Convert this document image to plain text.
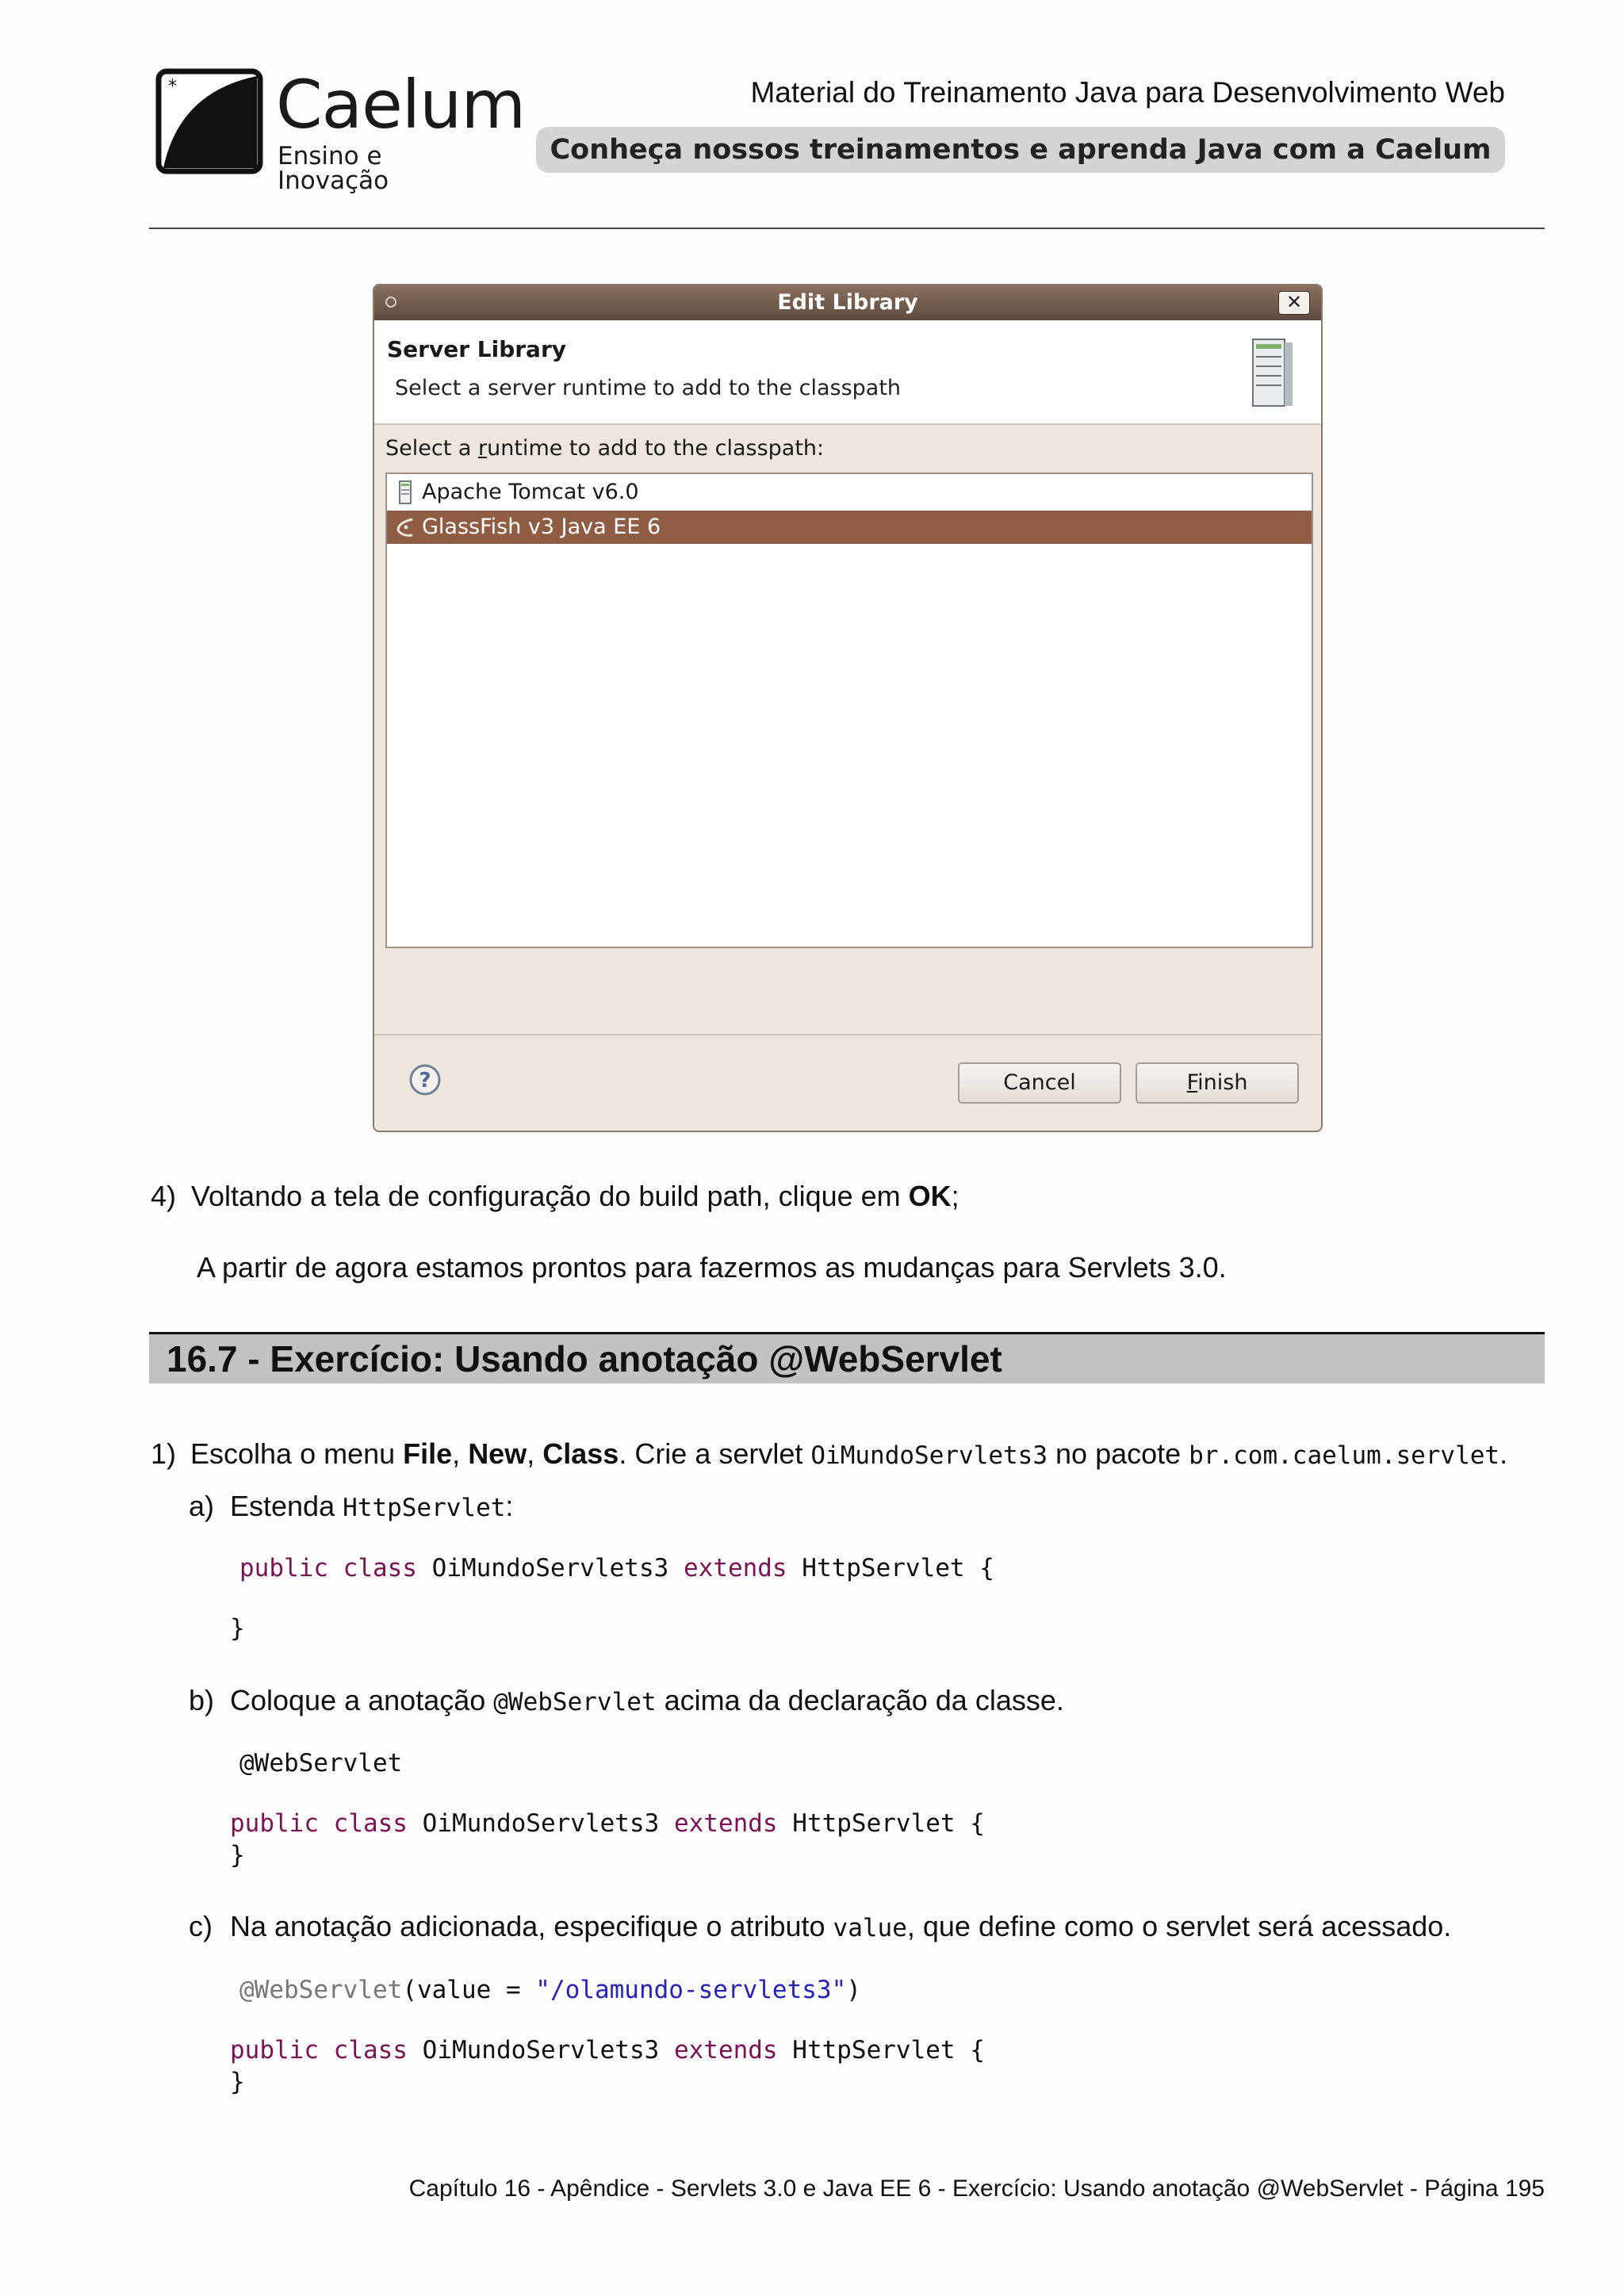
* Caelum
Ensino e Inovação
Material do Treinamento Java para Desenvolvimento Web
Conheça nossos treinamentos e aprenda Java com a Caelum
Edit Library	✕
Server Library
Select a server runtime to add to the classpath
Select a runtime to add to the classpath:
Apache Tomcat v6.0
GlassFish v3 Java EE 6
?	Cancel	Finish
4) Voltando a tela de configuração do build path, clique em OK;
A partir de agora estamos prontos para fazermos as mudanças para Servlets 3.0.
16.7 - Exercício: Usando anotação @WebServlet
1) Escolha o menu File, New, Class. Crie a servlet OiMundoServlets3 no pacote br.com.caelum.servlet.
a) Estenda HttpServlet:
public class OiMundoServlets3 extends HttpServlet {
}
b) Coloque a anotação @WebServlet acima da declaração da classe.
@WebServlet
public class OiMundoServlets3 extends HttpServlet {
}
c) Na anotação adicionada, especifique o atributo value, que define como o servlet será acessado.
@WebServlet(value = "/olamundo-servlets3")
public class OiMundoServlets3 extends HttpServlet {
}
Capítulo 16 - Apêndice - Servlets 3.0 e Java EE 6 - Exercício: Usando anotação @WebServlet - Página 195
